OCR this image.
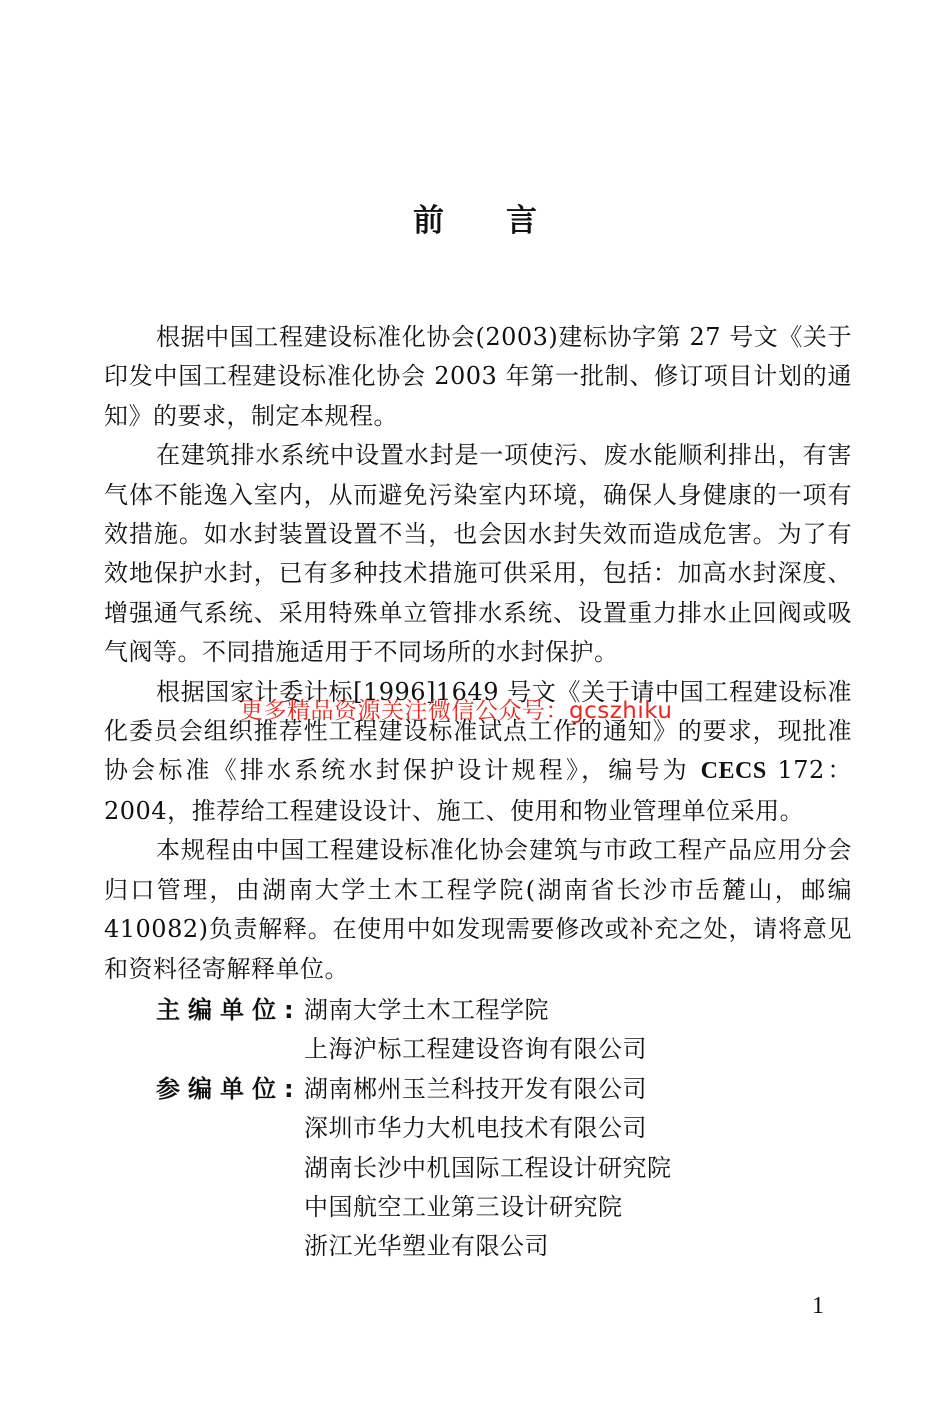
前言

根据中国工程建设标准化协会(2003)建标协字第 27 号文《关于印发中国工程建设标准化协会 2003 年第一批制、修订项目计划的通知》的要求，制定本规程。

在建筑排水系统中设置水封是一项使污、废水能顺利排出，有害气体不能逸入室内，从而避免污染室内环境，确保人身健康的一项有效措施。如水封装置设置不当，也会因水封失效而造成危害。为了有效地保护水封，已有多种技术措施可供采用，包括：加高水封深度、增强通气系统、采用特殊单立管排水系统、设置重力排水止回阀或吸气阀等。不同措施适用于不同场所的水封保护。

根据国家计委计标[1996]1649 号文《关于请中国工程建设标准化委员会组织推荐性工程建设标准试点工作的通知》的要求，现批准协会标准《排水系统水封保护设计规程》，编号为 CECS 172：2004，推荐给工程建设设计、施工、使用和物业管理单位采用。

本规程由中国工程建设标准化协会建筑与市政工程产品应用分会归口管理，由湖南大学土木工程学院(湖南省长沙市岳麓山，邮编 410082)负责解释。在使用中如发现需要修改或补充之处，请将意见和资料径寄解释单位。

主编单位: 湖南大学土木工程学院
上海沪标工程建设咨询有限公司
参编单位: 湖南郴州玉兰科技开发有限公司
深圳市华力大机电技术有限公司
湖南长沙中机国际工程设计研究院
中国航空工业第三设计研究院
浙江光华塑业有限公司
更多精品资源关注微信公众号：gcszhiku
1
